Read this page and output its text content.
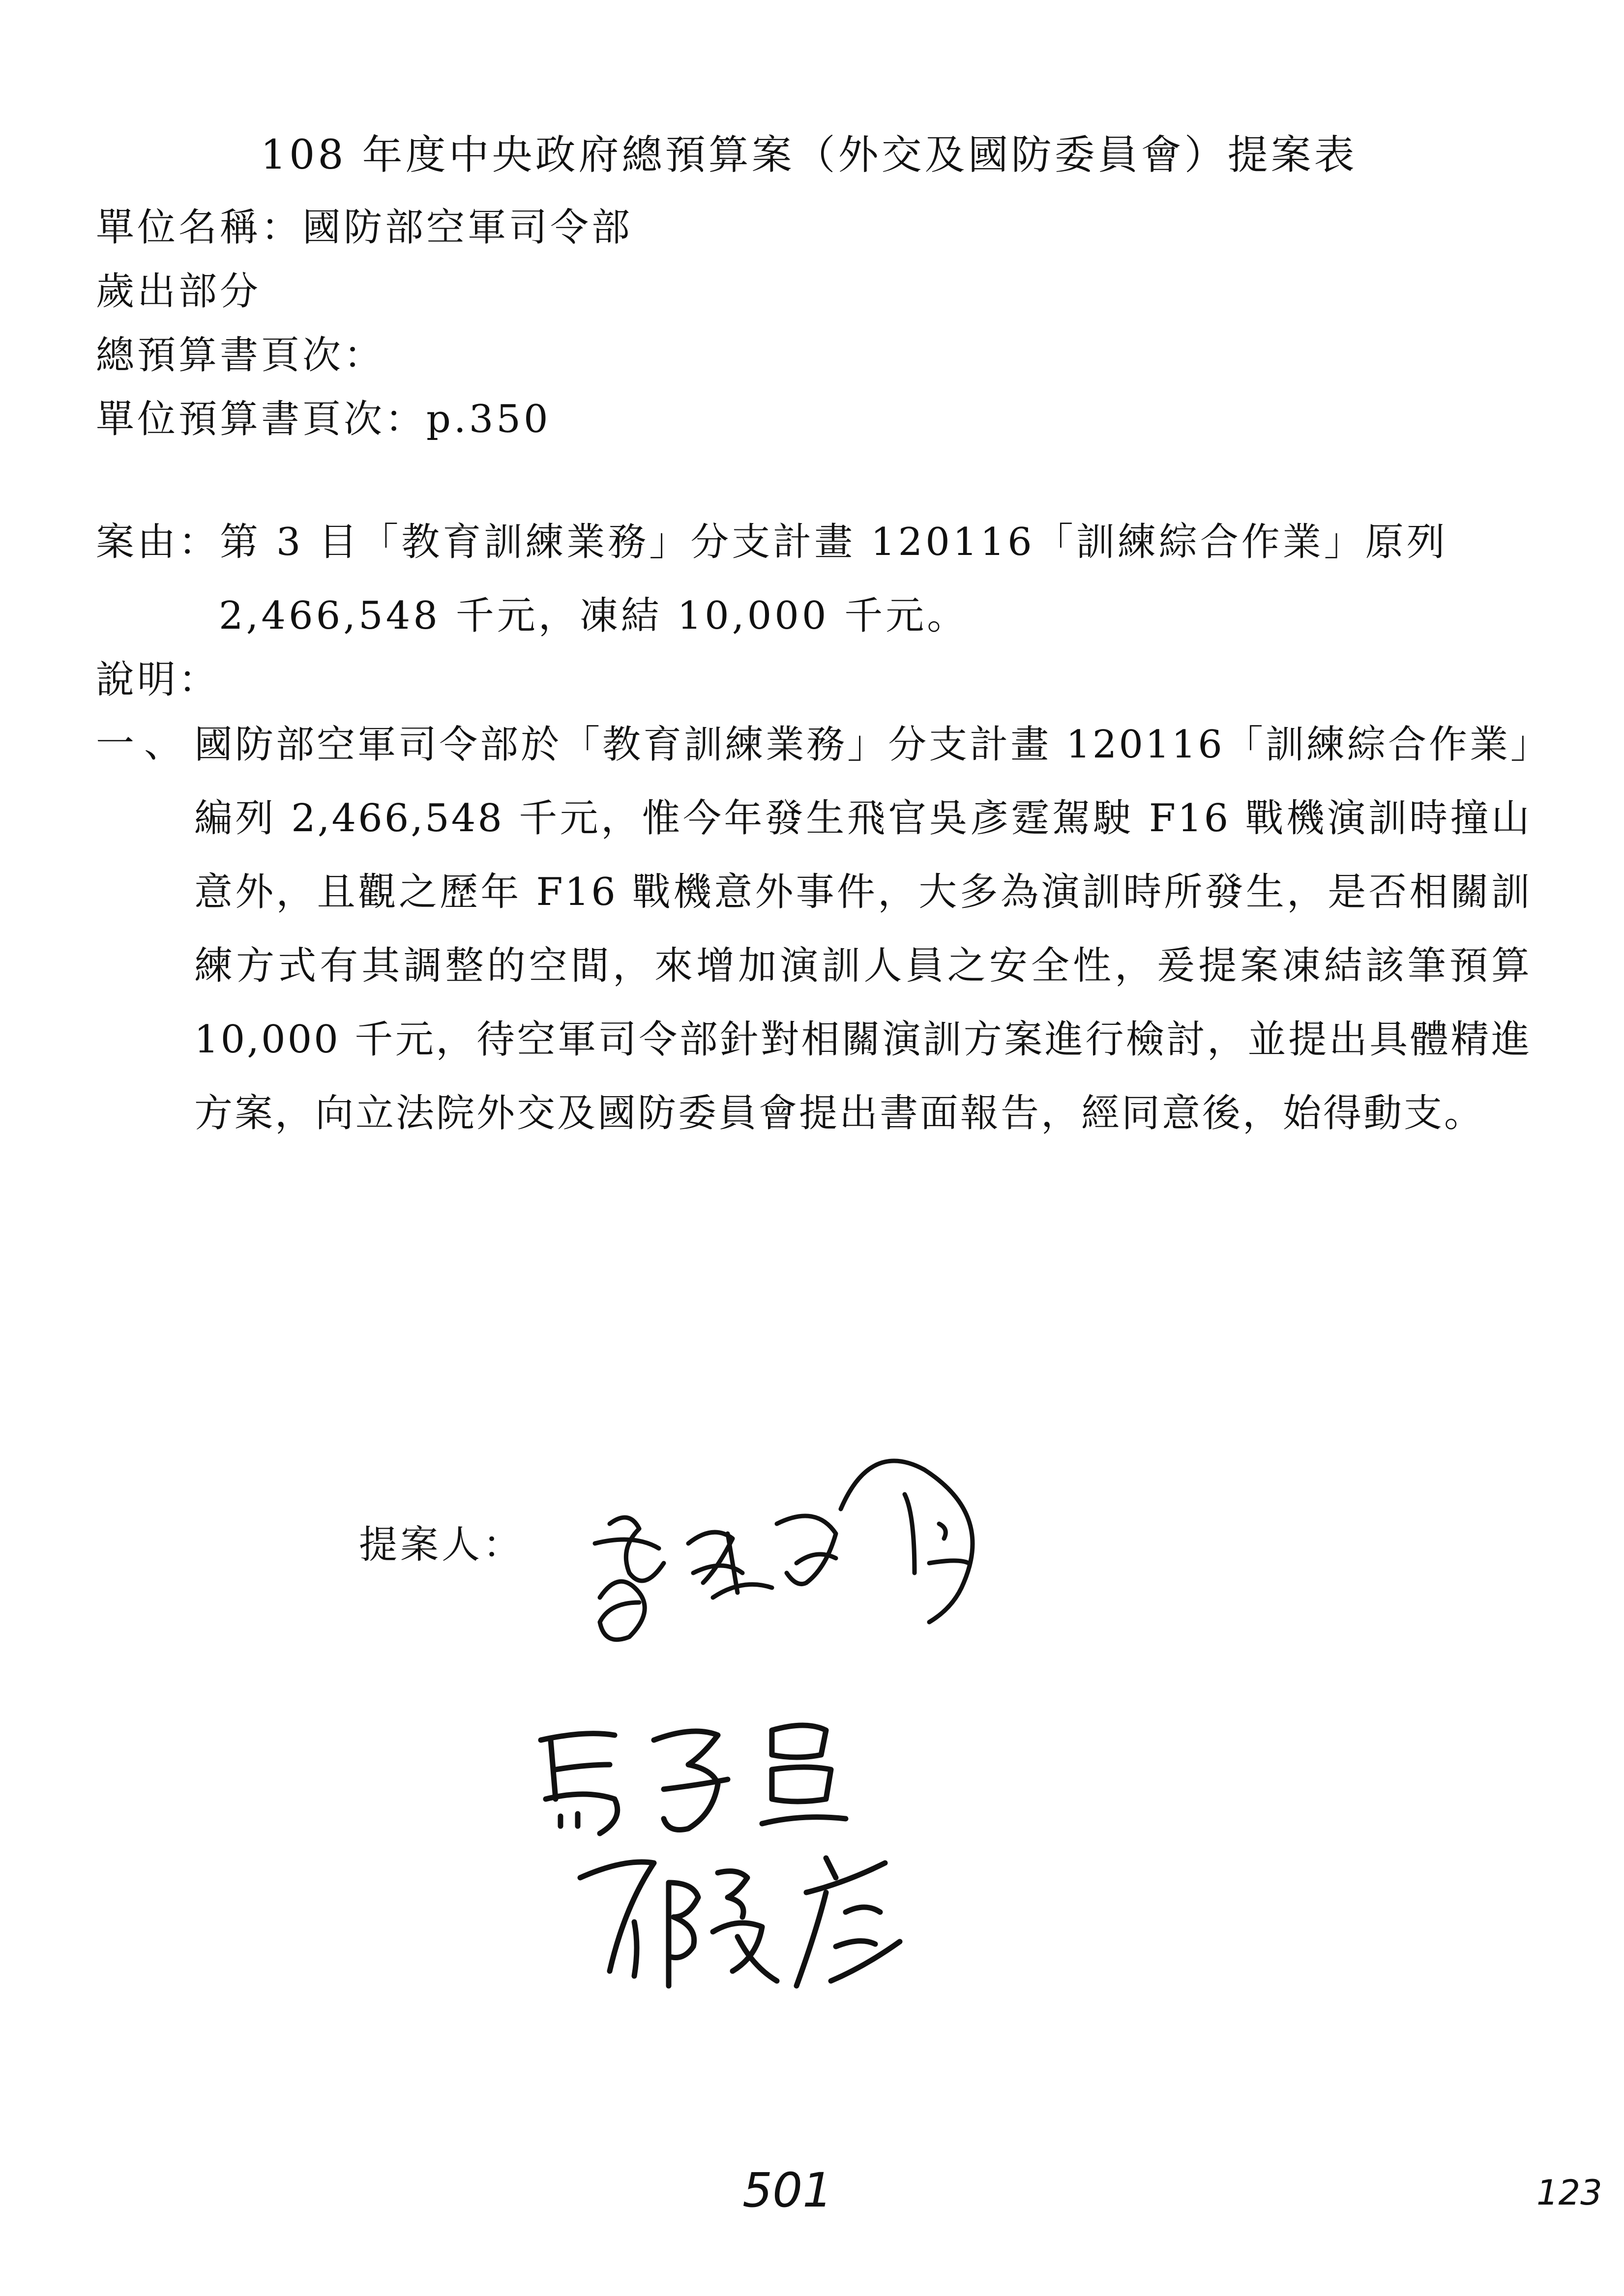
108 年度中央政府總預算案（外交及國防委員會）提案表
單位名稱：國防部空軍司令部
歲出部分
總預算書頁次：
單位預算書頁次：p.350
案由：第 3 目「教育訓練業務」分支計畫 120116「訓練綜合作業」原列
2,466,548 千元，凍結 10,000 千元。
說明：
一、 國防部空軍司令部於「教育訓練業務」分支計畫 120116「訓練綜合作業」編列 2,466,548 千元，惟今年發生飛官吳彥霆駕駛 F16 戰機演訓時撞山意外，且觀之歷年 F16 戰機意外事件，大多為演訓時所發生，是否相關訓練方式有其調整的空間，來增加演訓人員之安全性，爰提案凍結該筆預算 10,000 千元，待空軍司令部針對相關演訓方案進行檢討，並提出具體精進方案，向立法院外交及國防委員會提出書面報告，經同意後，始得動支。
提案人：
501	123
